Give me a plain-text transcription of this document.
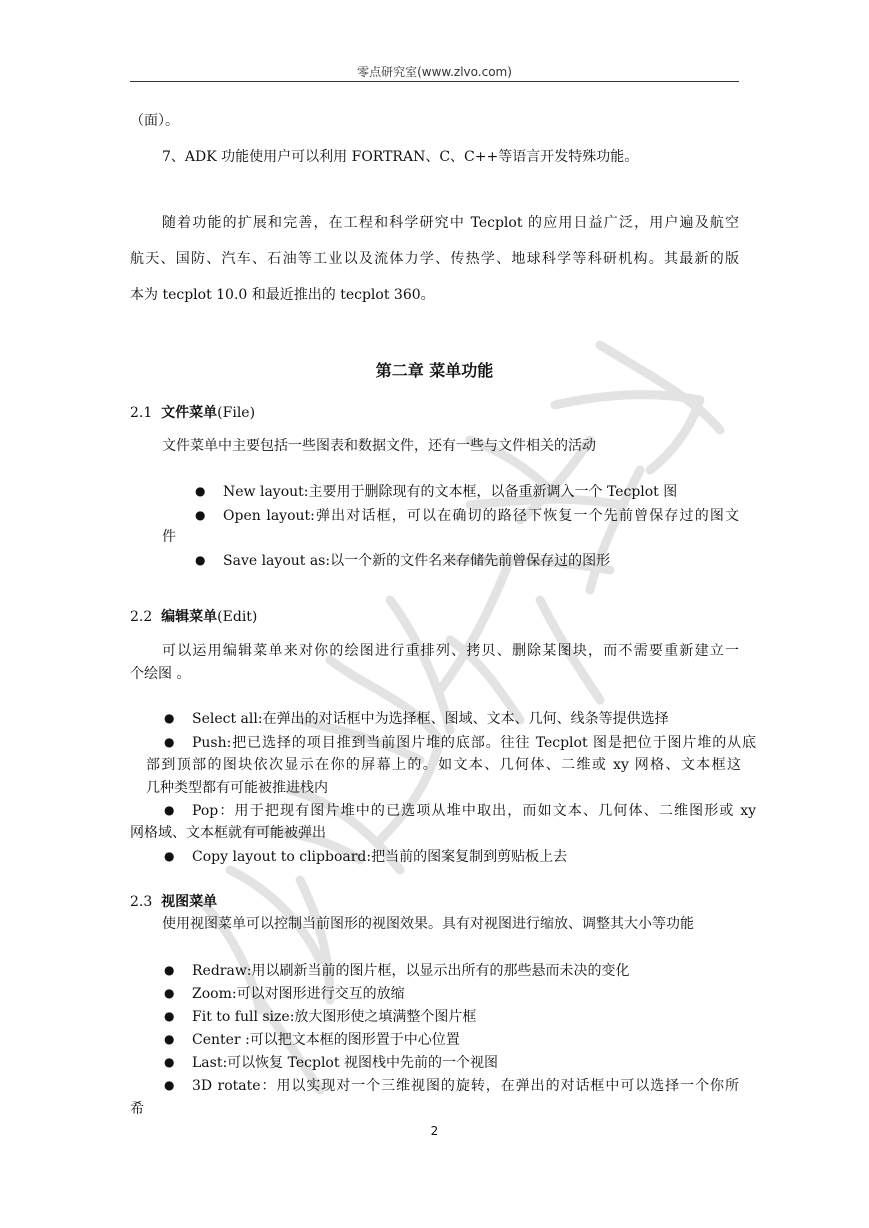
零点研究室(www.zlvo.com)
（面）。
7、ADK 功能使用户可以利用 FORTRAN、C、C++等语言开发特殊功能。
随着功能的扩展和完善，在工程和科学研究中 Tecplot 的应用日益广泛，用户遍及航空
航天、国防、汽车、石油等工业以及流体力学、传热学、地球科学等科研机构。其最新的版
本为 tecplot 10.0 和最近推出的 tecplot 360。
第二章 菜单功能
2.1 文件菜单(File)
文件菜单中主要包括一些图表和数据文件，还有一些与文件相关的活动
● New layout:主要用于删除现有的文本框，以备重新调入一个 Tecplot 图
● Open layout:弹出对话框，可以在确切的路径下恢复一个先前曾保存过的图文
件
● Save layout as:以一个新的文件名来存储先前曾保存过的图形
2.2 编辑菜单(Edit)
可以运用编辑菜单来对你的绘图进行重排列、拷贝、删除某图块，而不需要重新建立一
个绘图 。
● Select all:在弹出的对话框中为选择框、图域、文本、几何、线条等提供选择
● Push:把已选择的项目推到当前图片堆的底部。往往 Tecplot 图是把位于图片堆的从底
部到顶部的图块依次显示在你的屏幕上的。如文本、几何体、二维或 xy 网格、文本框这
几种类型都有可能被推进栈内
● Pop：用于把现有图片堆中的已选项从堆中取出，而如文本、几何体、二维图形或 xy
网格域、文本框就有可能被弹出
● Copy layout to clipboard:把当前的图案复制到剪贴板上去
2.3 视图菜单
使用视图菜单可以控制当前图形的视图效果。具有对视图进行缩放、调整其大小等功能
● Redraw:用以刷新当前的图片框，以显示出所有的那些悬而未决的变化
● Zoom:可以对图形进行交互的放缩
● Fit to full size:放大图形使之填满整个图片框
● Center :可以把文本框的图形置于中心位置
● Last:可以恢复 Tecplot 视图栈中先前的一个视图
● 3D rotate：用以实现对一个三维视图的旋转，在弹出的对话框中可以选择一个你所
希
2
